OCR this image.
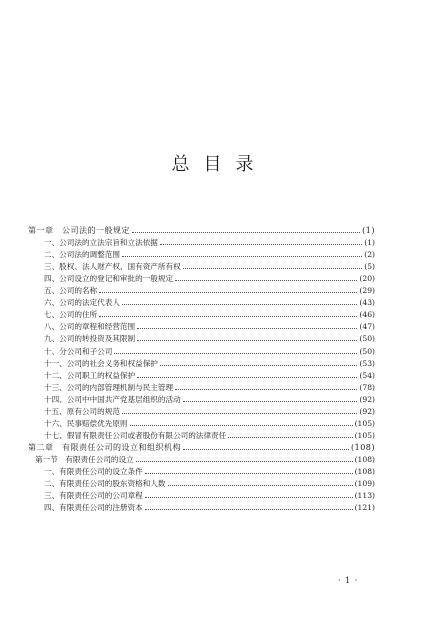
总 目 录
第一章　公司法的一般规定	(1)
一、公司法的立法宗旨和立法依据	(1)
二、公司法的调整范围	(2)
三、股权、法人财产权、国有资产所有权	(5)
四、公司设立的登记和审批的一般规定	(20)
五、公司的名称	(29)
六、公司的法定代表人	(43)
七、公司的住所	(46)
八、公司的章程和经营范围	(47)
九、公司的转投资及其限制	(50)
十、分公司和子公司	(50)
十一、公司的社会义务和权益保护	(53)
十二、公司职工的权益保护	(54)
十三、公司的内部管理机制与民主管理	(78)
十四、公司中中国共产党基层组织的活动	(92)
十五、原有公司的规范	(92)
十六、民事赔偿优先原则	(105)
十七、假冒有限责任公司或者股份有限公司的法律责任	(105)
第二章　有限责任公司的设立和组织机构	(108)
第一节　有限责任公司的设立	(108)
一、有限责任公司的设立条件	(108)
二、有限责任公司的股东资格和人数	(109)
三、有限责任公司的公司章程	(113)
四、有限责任公司的注册资本	(121)
· 1 ·
